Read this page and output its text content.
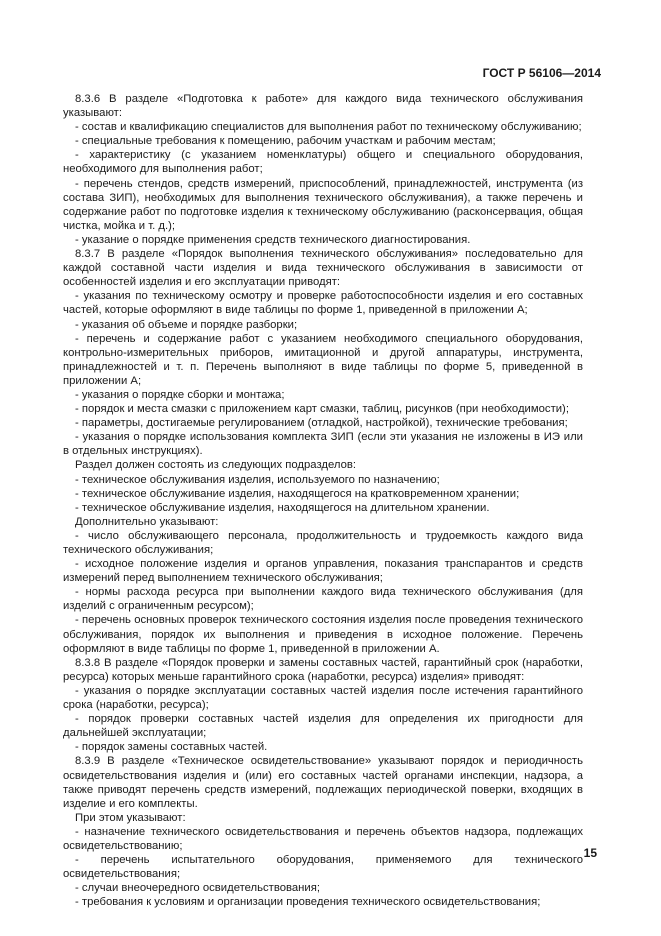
ГОСТ Р 56106—2014

8.3.6 В разделе «Подготовка к работе» для каждого вида технического обслуживания указывают:

- состав и квалификацию специалистов для выполнения работ по техническому обслуживанию;

- специальные требования к помещению, рабочим участкам и рабочим местам;

- характеристику (с указанием номенклатуры) общего и специального оборудования, необходимого для выполнения работ;

- перечень стендов, средств измерений, приспособлений, принадлежностей, инструмента (из состава ЗИП), необходимых для выполнения технического обслуживания), а также перечень и содержание работ по подготовке изделия к техническому обслуживанию (расконсервация, общая чистка, мойка и т. д.);

- указание о порядке применения средств технического диагностирования.

8.3.7 В разделе «Порядок выполнения технического обслуживания» последовательно для каждой составной части изделия и вида технического обслуживания в зависимости от особенностей изделия и его эксплуатации приводят:

- указания по техническому осмотру и проверке работоспособности изделия и его составных частей, которые оформляют в виде таблицы по форме 1, приведенной в приложении А;

- указания об объеме и порядке разборки;

- перечень и содержание работ с указанием необходимого специального оборудования, контрольно-измерительных приборов, имитационной и другой аппаратуры, инструмента, принадлежностей и т. п. Перечень выполняют в виде таблицы по форме 5, приведенной в приложении А;

- указания о порядке сборки и монтажа;

- порядок и места смазки с приложением карт смазки, таблиц, рисунков (при необходимости);

- параметры, достигаемые регулированием (отладкой, настройкой), технические требования;

- указания о порядке использования комплекта ЗИП (если эти указания не изложены в ИЭ или в отдельных инструкциях).

Раздел должен состоять из следующих подразделов:

- техническое обслуживания изделия, используемого по назначению;

- техническое обслуживание изделия, находящегося на кратковременном хранении;

- техническое обслуживание изделия, находящегося на длительном хранении.

Дополнительно указывают:

- число обслуживающего персонала, продолжительность и трудоемкость каждого вида технического обслуживания;

- исходное положение изделия и органов управления, показания транспарантов и средств измерений перед выполнением технического обслуживания;

- нормы расхода ресурса при выполнении каждого вида технического обслуживания (для изделий с ограниченным ресурсом);

- перечень основных проверок технического состояния изделия после проведения технического обслуживания, порядок их выполнения и приведения в исходное положение. Перечень оформляют в виде таблицы по форме 1, приведенной в приложении А.

8.3.8 В разделе «Порядок проверки и замены составных частей, гарантийный срок (наработки, ресурса) которых меньше гарантийного срока (наработки, ресурса) изделия» приводят:

- указания о порядке эксплуатации составных частей изделия после истечения гарантийного срока (наработки, ресурса);

- порядок проверки составных частей изделия для определения их пригодности для дальнейшей эксплуатации;

- порядок замены составных частей.

8.3.9 В разделе «Техническое освидетельствование» указывают порядок и периодичность освидетельствования изделия и (или) его составных частей органами инспекции, надзора, а также приводят перечень средств измерений, подлежащих периодической поверки, входящих в изделие и его комплекты.

При этом указывают:

- назначение технического освидетельствования и перечень объектов надзора, подлежащих освидетельствованию;

- перечень испытательного оборудования, применяемого для технического освидетельствования;

- случаи внеочередного освидетельствования;

- требования к условиям и организации проведения технического освидетельствования;

15
